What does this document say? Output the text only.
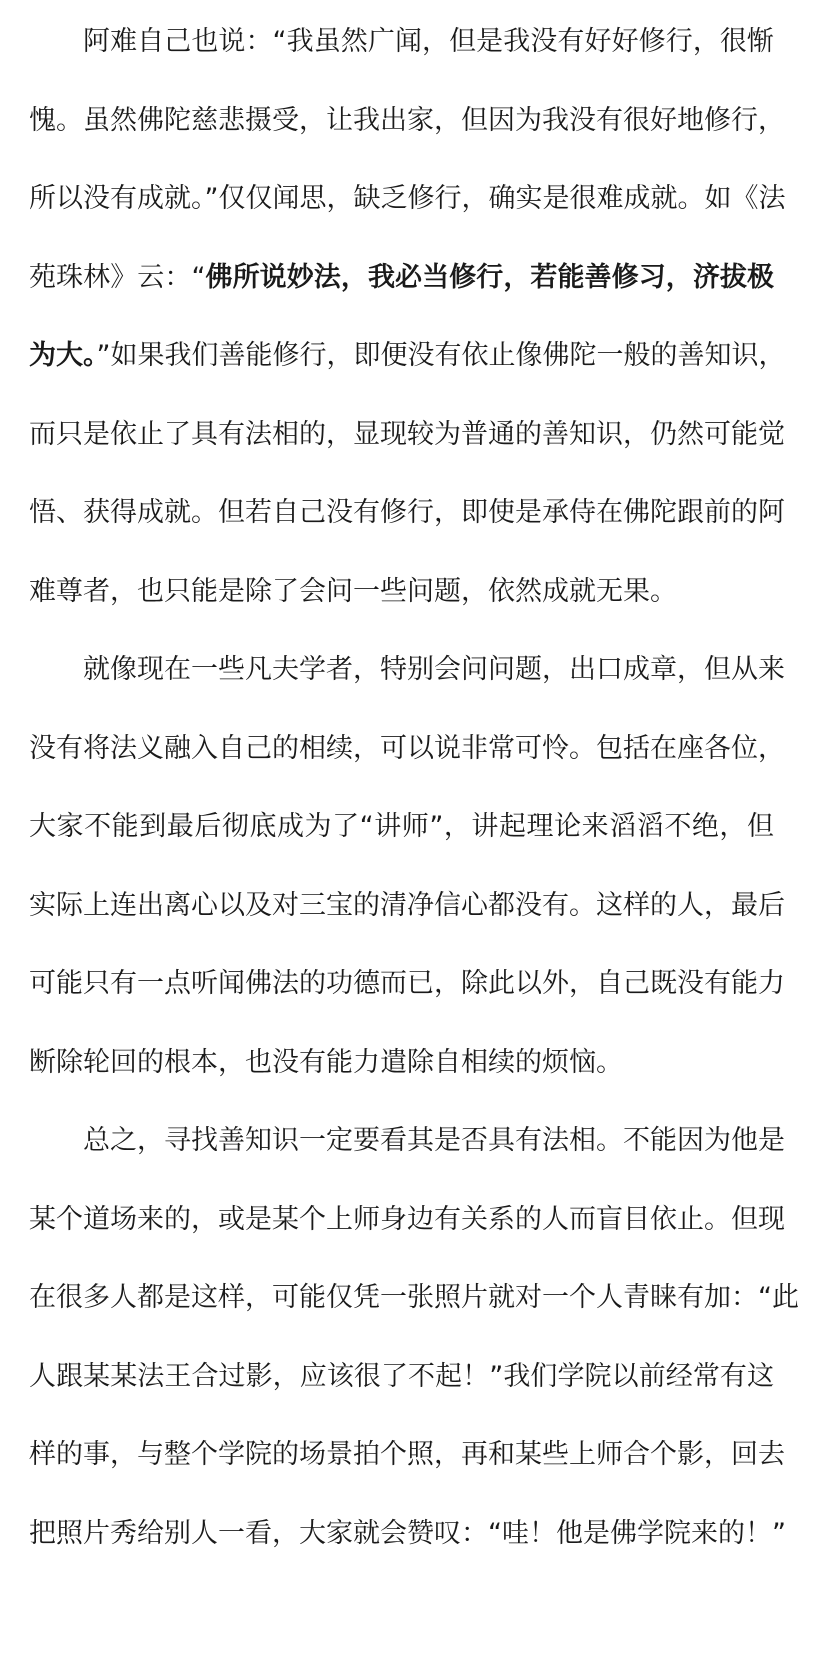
阿难自己也说：“我虽然广闻，但是我没有好好修行，很惭
愧。虽然佛陀慈悲摄受，让我出家，但因为我没有很好地修行，
所以没有成就。”仅仅闻思，缺乏修行，确实是很难成就。如《法
苑珠林》云：“佛所说妙法，我必当修行，若能善修习，济拔极
为大。”如果我们善能修行，即便没有依止像佛陀一般的善知识，
而只是依止了具有法相的，显现较为普通的善知识，仍然可能觉
悟、获得成就。但若自己没有修行，即使是承侍在佛陀跟前的阿
难尊者，也只能是除了会问一些问题，依然成就无果。
就像现在一些凡夫学者，特别会问问题，出口成章，但从来
没有将法义融入自己的相续，可以说非常可怜。包括在座各位，
大家不能到最后彻底成为了“讲师”，讲起理论来滔滔不绝，但
实际上连出离心以及对三宝的清净信心都没有。这样的人，最后
可能只有一点听闻佛法的功德而已，除此以外，自己既没有能力
断除轮回的根本，也没有能力遣除自相续的烦恼。
总之，寻找善知识一定要看其是否具有法相。不能因为他是
某个道场来的，或是某个上师身边有关系的人而盲目依止。但现
在很多人都是这样，可能仅凭一张照片就对一个人青睐有加：“此
人跟某某法王合过影，应该很了不起！”我们学院以前经常有这
样的事，与整个学院的场景拍个照，再和某些上师合个影，回去
把照片秀给别人一看，大家就会赞叹：“哇！他是佛学院来的！”
